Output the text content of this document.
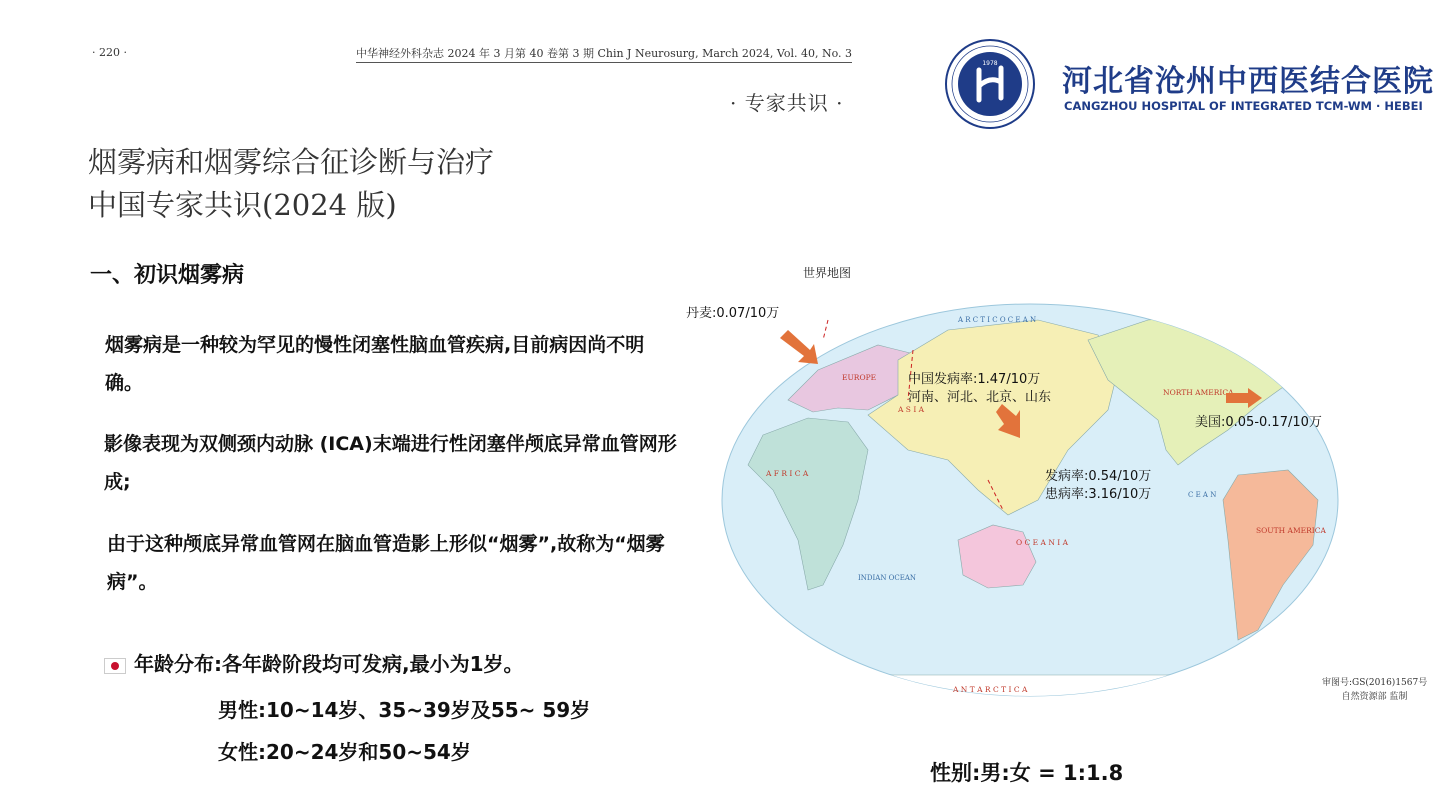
· 220 ·	中华神经外科杂志 2024 年 3 月第 40 卷第 3 期 Chin J Neurosurg, March 2024, Vol. 40, No. 3
· 专家共识 ·
烟雾病和烟雾综合征诊断与治疗
中国专家共识(2024 版)
1978
河北省沧州中西医结合医院
CANGZHOU HOSPITAL OF INTEGRATED TCM-WM · HEBEI
一、初识烟雾病
烟雾病是一种较为罕见的慢性闭塞性脑血管疾病,目前病因尚不明确。
影像表现为双侧颈内动脉 (ICA)末端进行性闭塞伴颅底异常血管网形成;
由于这种颅底异常血管网在脑血管造影上形似“烟雾”,故称为“烟雾病”。
年龄分布:各年龄阶段均可发病,最小为1岁。
男性:10~14岁、35~39岁及55~ 59岁
女性:20~24岁和50~54岁
世界地图
EUROPE
A S I A
A F R I C A
O C E A N I A
NORTH AMERICA
SOUTH AMERICA
A N T A R C T I C A
A R C T I C O C E A N
INDIAN OCEAN
C E A N
丹麦:0.07/10万
中国发病率:1.47/10万
河南、河北、北京、山东
美国:0.05-0.17/10万
发病率:0.54/10万
患病率:3.16/10万
审图号:GS(2016)1567号
自然资源部 监制
性别:男:女 = 1:1.8
